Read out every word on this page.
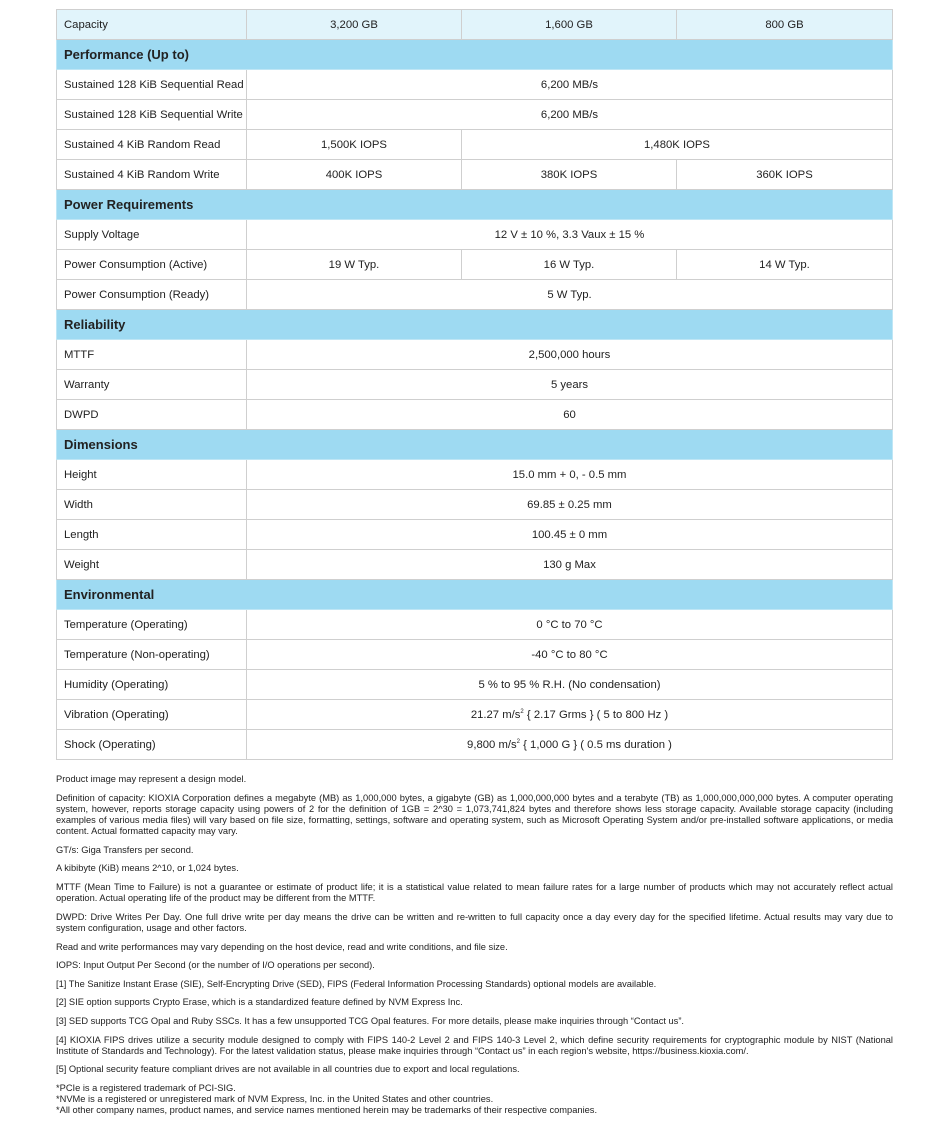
Capacity	3,200 GB	1,600 GB	800 GB
Performance (Up to)			
Sustained 128 KiB Sequential Read	6,200 MB/s		
Sustained 128 KiB Sequential Write	6,200 MB/s		
Sustained 4 KiB Random Read	1,500K IOPS	1,480K IOPS	
Sustained 4 KiB Random Write	400K IOPS	380K IOPS	360K IOPS
Power Requirements			
Supply Voltage	12 V ± 10 %, 3.3 Vaux ± 15 %		
Power Consumption (Active)	19 W Typ.	16 W Typ.	14 W Typ.
Power Consumption (Ready)	5 W Typ.		
Reliability			
MTTF	2,500,000 hours		
Warranty	5 years		
DWPD	60		
Dimensions			
Height	15.0 mm + 0, - 0.5 mm		
Width	69.85 ± 0.25 mm		
Length	100.45 ± 0 mm		
Weight	130 g Max		
Environmental			
Temperature (Operating)	0 °C to 70 °C		
Temperature (Non-operating)	-40 °C to 80 °C		
Humidity (Operating)	5 % to 95 % R.H. (No condensation)		
Vibration (Operating)	21.27 $m/s^2$ { 2.17 Grms } ( 5 to 800 Hz )		
Shock (Operating)	9,800 $m/s^2$ { 1,000 G } ( 0.5 ms duration )		

Product image may represent a design model.

Definition of capacity: KIOXIA Corporation defines a megabyte (MB) as 1,000,000 bytes, a gigabyte (GB) as 1,000,000,000 bytes and a terabyte (TB) as 1,000,000,000,000 bytes. A computer operating system, however, reports storage capacity using powers of 2 for the definition of 1GB = 2^30 = 1,073,741,824 bytes and therefore shows less storage capacity. Available storage capacity (including examples of various media files) will vary based on file size, formatting, settings, software and operating system, such as Microsoft Operating System and/or pre-installed software applications, or media content. Actual formatted capacity may vary.

GT/s: Giga Transfers per second.

A kibibyte (KiB) means 2^10, or 1,024 bytes.

MTTF (Mean Time to Failure) is not a guarantee or estimate of product life; it is a statistical value related to mean failure rates for a large number of products which may not accurately reflect actual operation. Actual operating life of the product may be different from the MTTF.

DWPD: Drive Writes Per Day. One full drive write per day means the drive can be written and re-written to full capacity once a day every day for the specified lifetime. Actual results may vary due to system configuration, usage and other factors.

Read and write performances may vary depending on the host device, read and write conditions, and file size.

IOPS: Input Output Per Second (or the number of I/O operations per second).

[1] The Sanitize Instant Erase (SIE), Self-Encrypting Drive (SED), FIPS (Federal Information Processing Standards) optional models are available.

[2] SIE option supports Crypto Erase, which is a standardized feature defined by NVM Express Inc.

[3] SED supports TCG Opal and Ruby SSCs. It has a few unsupported TCG Opal features. For more details, please make inquiries through “Contact us”.

[4] KIOXIA FIPS drives utilize a security module designed to comply with FIPS 140-2 Level 2 and FIPS 140-3 Level 2, which define security requirements for cryptographic module by NIST (National Institute of Standards and Technology). For the latest validation status, please make inquiries through “Contact us” in each region's website, https://business.kioxia.com/.

[5] Optional security feature compliant drives are not available in all countries due to export and local regulations.

*PCIe is a registered trademark of PCI-SIG.

*NVMe is a registered or unregistered mark of NVM Express, Inc. in the United States and other countries.

*All other company names, product names, and service names mentioned herein may be trademarks of their respective companies.
